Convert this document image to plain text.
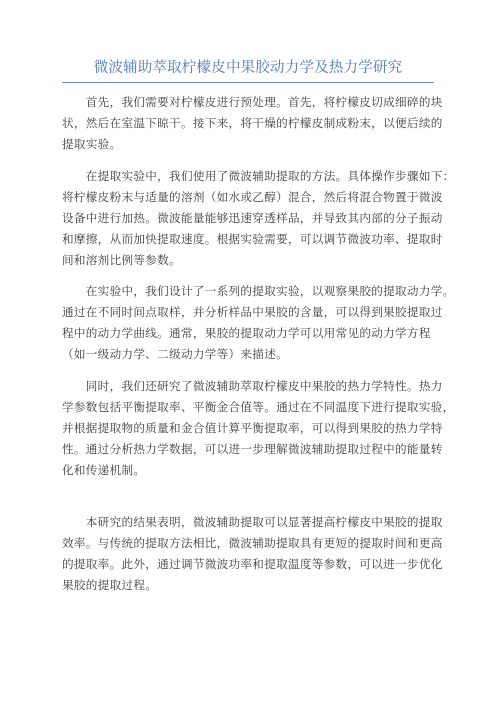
微波辅助萃取柠檬皮中果胶动力学及热力学研究
　　首先，我们需要对柠檬皮进行预处理。首先，将柠檬皮切成细碎的块
状，然后在室温下晾干。接下来，将干燥的柠檬皮制成粉末，以便后续的
提取实验。
　　在提取实验中，我们使用了微波辅助提取的方法。具体操作步骤如下：
将柠檬皮粉末与适量的溶剂（如水或乙醇）混合，然后将混合物置于微波
设备中进行加热。微波能量能够迅速穿透样品，并导致其内部的分子振动
和摩擦，从而加快提取速度。根据实验需要，可以调节微波功率、提取时
间和溶剂比例等参数。
　　在实验中，我们设计了一系列的提取实验，以观察果胶的提取动力学。
通过在不同时间点取样，并分析样品中果胶的含量，可以得到果胶提取过
程中的动力学曲线。通常，果胶的提取动力学可以用常见的动力学方程
（如一级动力学、二级动力学等）来描述。
　　同时，我们还研究了微波辅助萃取柠檬皮中果胶的热力学特性。热力
学参数包括平衡提取率、平衡金合值等。通过在不同温度下进行提取实验，
并根据提取物的质量和金合值计算平衡提取率，可以得到果胶的热力学特
性。通过分析热力学数据，可以进一步理解微波辅助提取过程中的能量转
化和传递机制。
　　本研究的结果表明，微波辅助提取可以显著提高柠檬皮中果胶的提取
效率。与传统的提取方法相比，微波辅助提取具有更短的提取时间和更高
的提取率。此外，通过调节微波功率和提取温度等参数，可以进一步优化
果胶的提取过程。
